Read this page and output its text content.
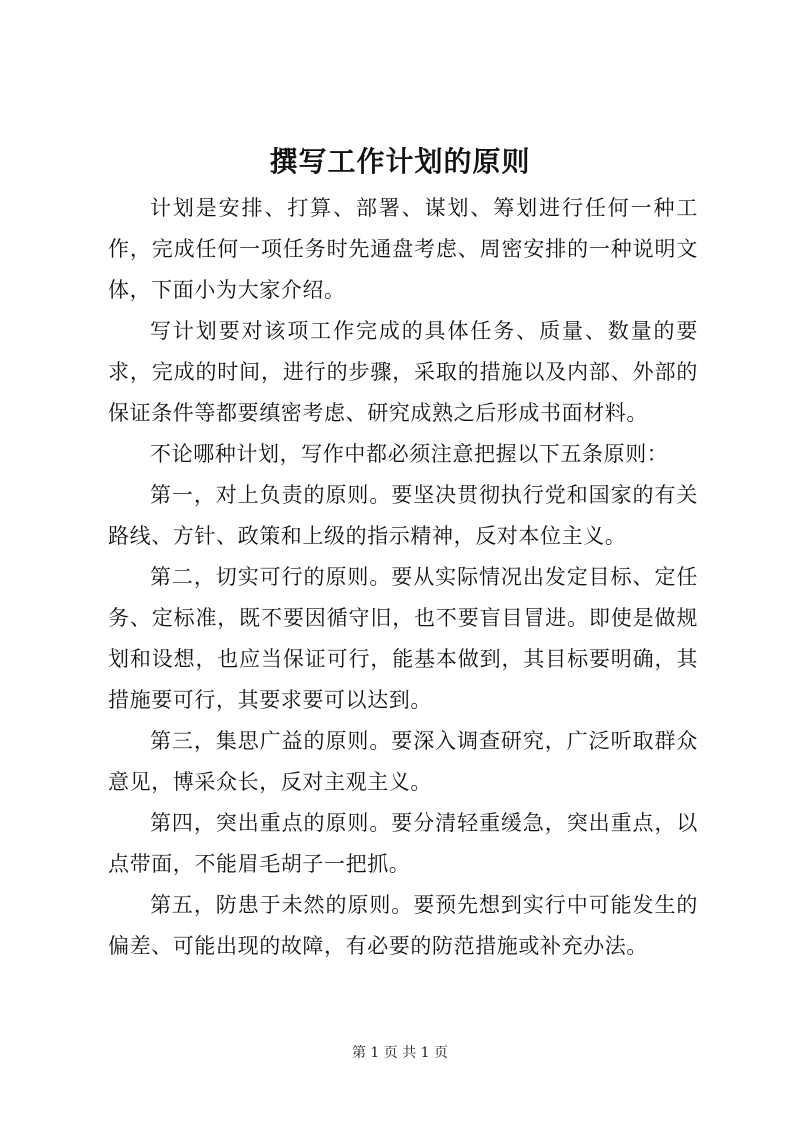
撰写工作计划的原则

计划是安排、打算、部署、谋划、筹划进行任何一种工作，完成任何一项任务时先通盘考虑、周密安排的一种说明文体，下面小为大家介绍。

写计划要对该项工作完成的具体任务、质量、数量的要求，完成的时间，进行的步骤，采取的措施以及内部、外部的保证条件等都要缜密考虑、研究成熟之后形成书面材料。

不论哪种计划，写作中都必须注意把握以下五条原则：

第一，对上负责的原则。要坚决贯彻执行党和国家的有关路线、方针、政策和上级的指示精神，反对本位主义。

第二，切实可行的原则。要从实际情况出发定目标、定任务、定标准，既不要因循守旧，也不要盲目冒进。即使是做规划和设想，也应当保证可行，能基本做到，其目标要明确，其措施要可行，其要求要可以达到。

第三，集思广益的原则。要深入调查研究，广泛听取群众意见，博采众长，反对主观主义。

第四，突出重点的原则。要分清轻重缓急，突出重点，以点带面，不能眉毛胡子一把抓。

第五，防患于未然的原则。要预先想到实行中可能发生的偏差、可能出现的故障，有必要的防范措施或补充办法。

第 1 页 共 1 页
